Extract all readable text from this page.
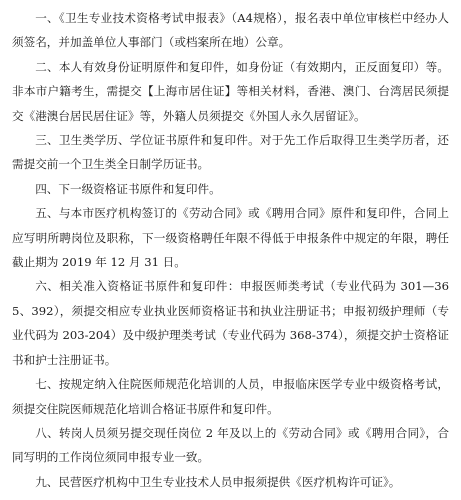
一、《卫生专业技术资格考试申报表》（A4规格），报名表中单位审核栏中经办人须签名，并加盖单位人事部门（或档案所在地）公章。

二、本人有效身份证明原件和复印件，如身份证（有效期内，正反面复印）等。非本市户籍考生，需提交【上海市居住证】等相关材料，香港、澳门、台湾居民须提交《港澳台居民居住证》等，外籍人员须提交《外国人永久居留证》。

三、卫生类学历、学位证书原件和复印件。对于先工作后取得卫生类学历者，还需提交前一个卫生类全日制学历证书。

四、下一级资格证书原件和复印件。

五、与本市医疗机构签订的《劳动合同》或《聘用合同》原件和复印件，合同上应写明所聘岗位及职称，下一级资格聘任年限不得低于申报条件中规定的年限，聘任截止期为 2019 年 12 月 31 日。

六、相关准入资格证书原件和复印件：申报医师类考试（专业代码为 301—365、392），须提交相应专业执业医师资格证书和执业注册证书；申报初级护理师（专业代码为 203-204）及中级护理类考试（专业代码为 368-374），须提交护士资格证书和护士注册证书。

七、按规定纳入住院医师规范化培训的人员，申报临床医学专业中级资格考试，须提交住院医师规范化培训合格证书原件和复印件。

八、转岗人员须另提交现任岗位 2 年及以上的《劳动合同》或《聘用合同》，合同写明的工作岗位须同申报专业一致。

九、民营医疗机构中卫生专业技术人员申报须提供《医疗机构许可证》。
